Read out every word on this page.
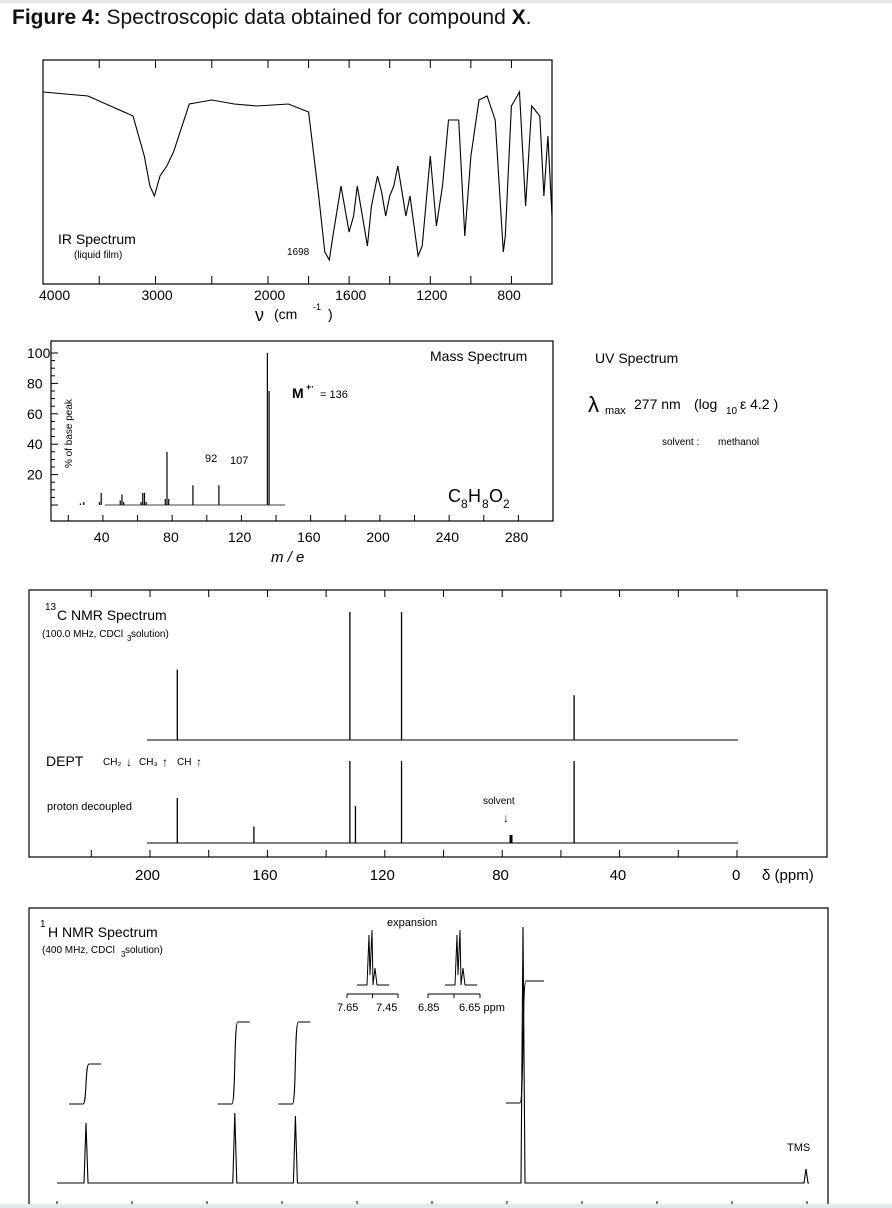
Figure 4: Spectroscopic data obtained for compound X.
IR Spectrum
(liquid film)	1698
4000	3000	2000	1600	1200	800
ν (cm -1 )
100
80
60
40
20
40	80	120	160	200	240	280
% of base peak
Mass Spectrum
M +·
= 136
92 107
C 8 H 8 O 2
m / e
UV Spectrum
λ max 277 nm (log 10 ε 4.2 )
solvent : methanol
13 C NMR Spectrum
(100.0 MHz, CDCl 3 solution)
DEPT CH₂ ↓ CH₃ ↑ CH ↑
proton decoupled	solvent
↓
200	160	120	80	40	0 δ (ppm)
1 H NMR Spectrum
(400 MHz, CDCl 3 solution)
expansion
7.65 7.45 6.85 6.65 ppm
TMS
